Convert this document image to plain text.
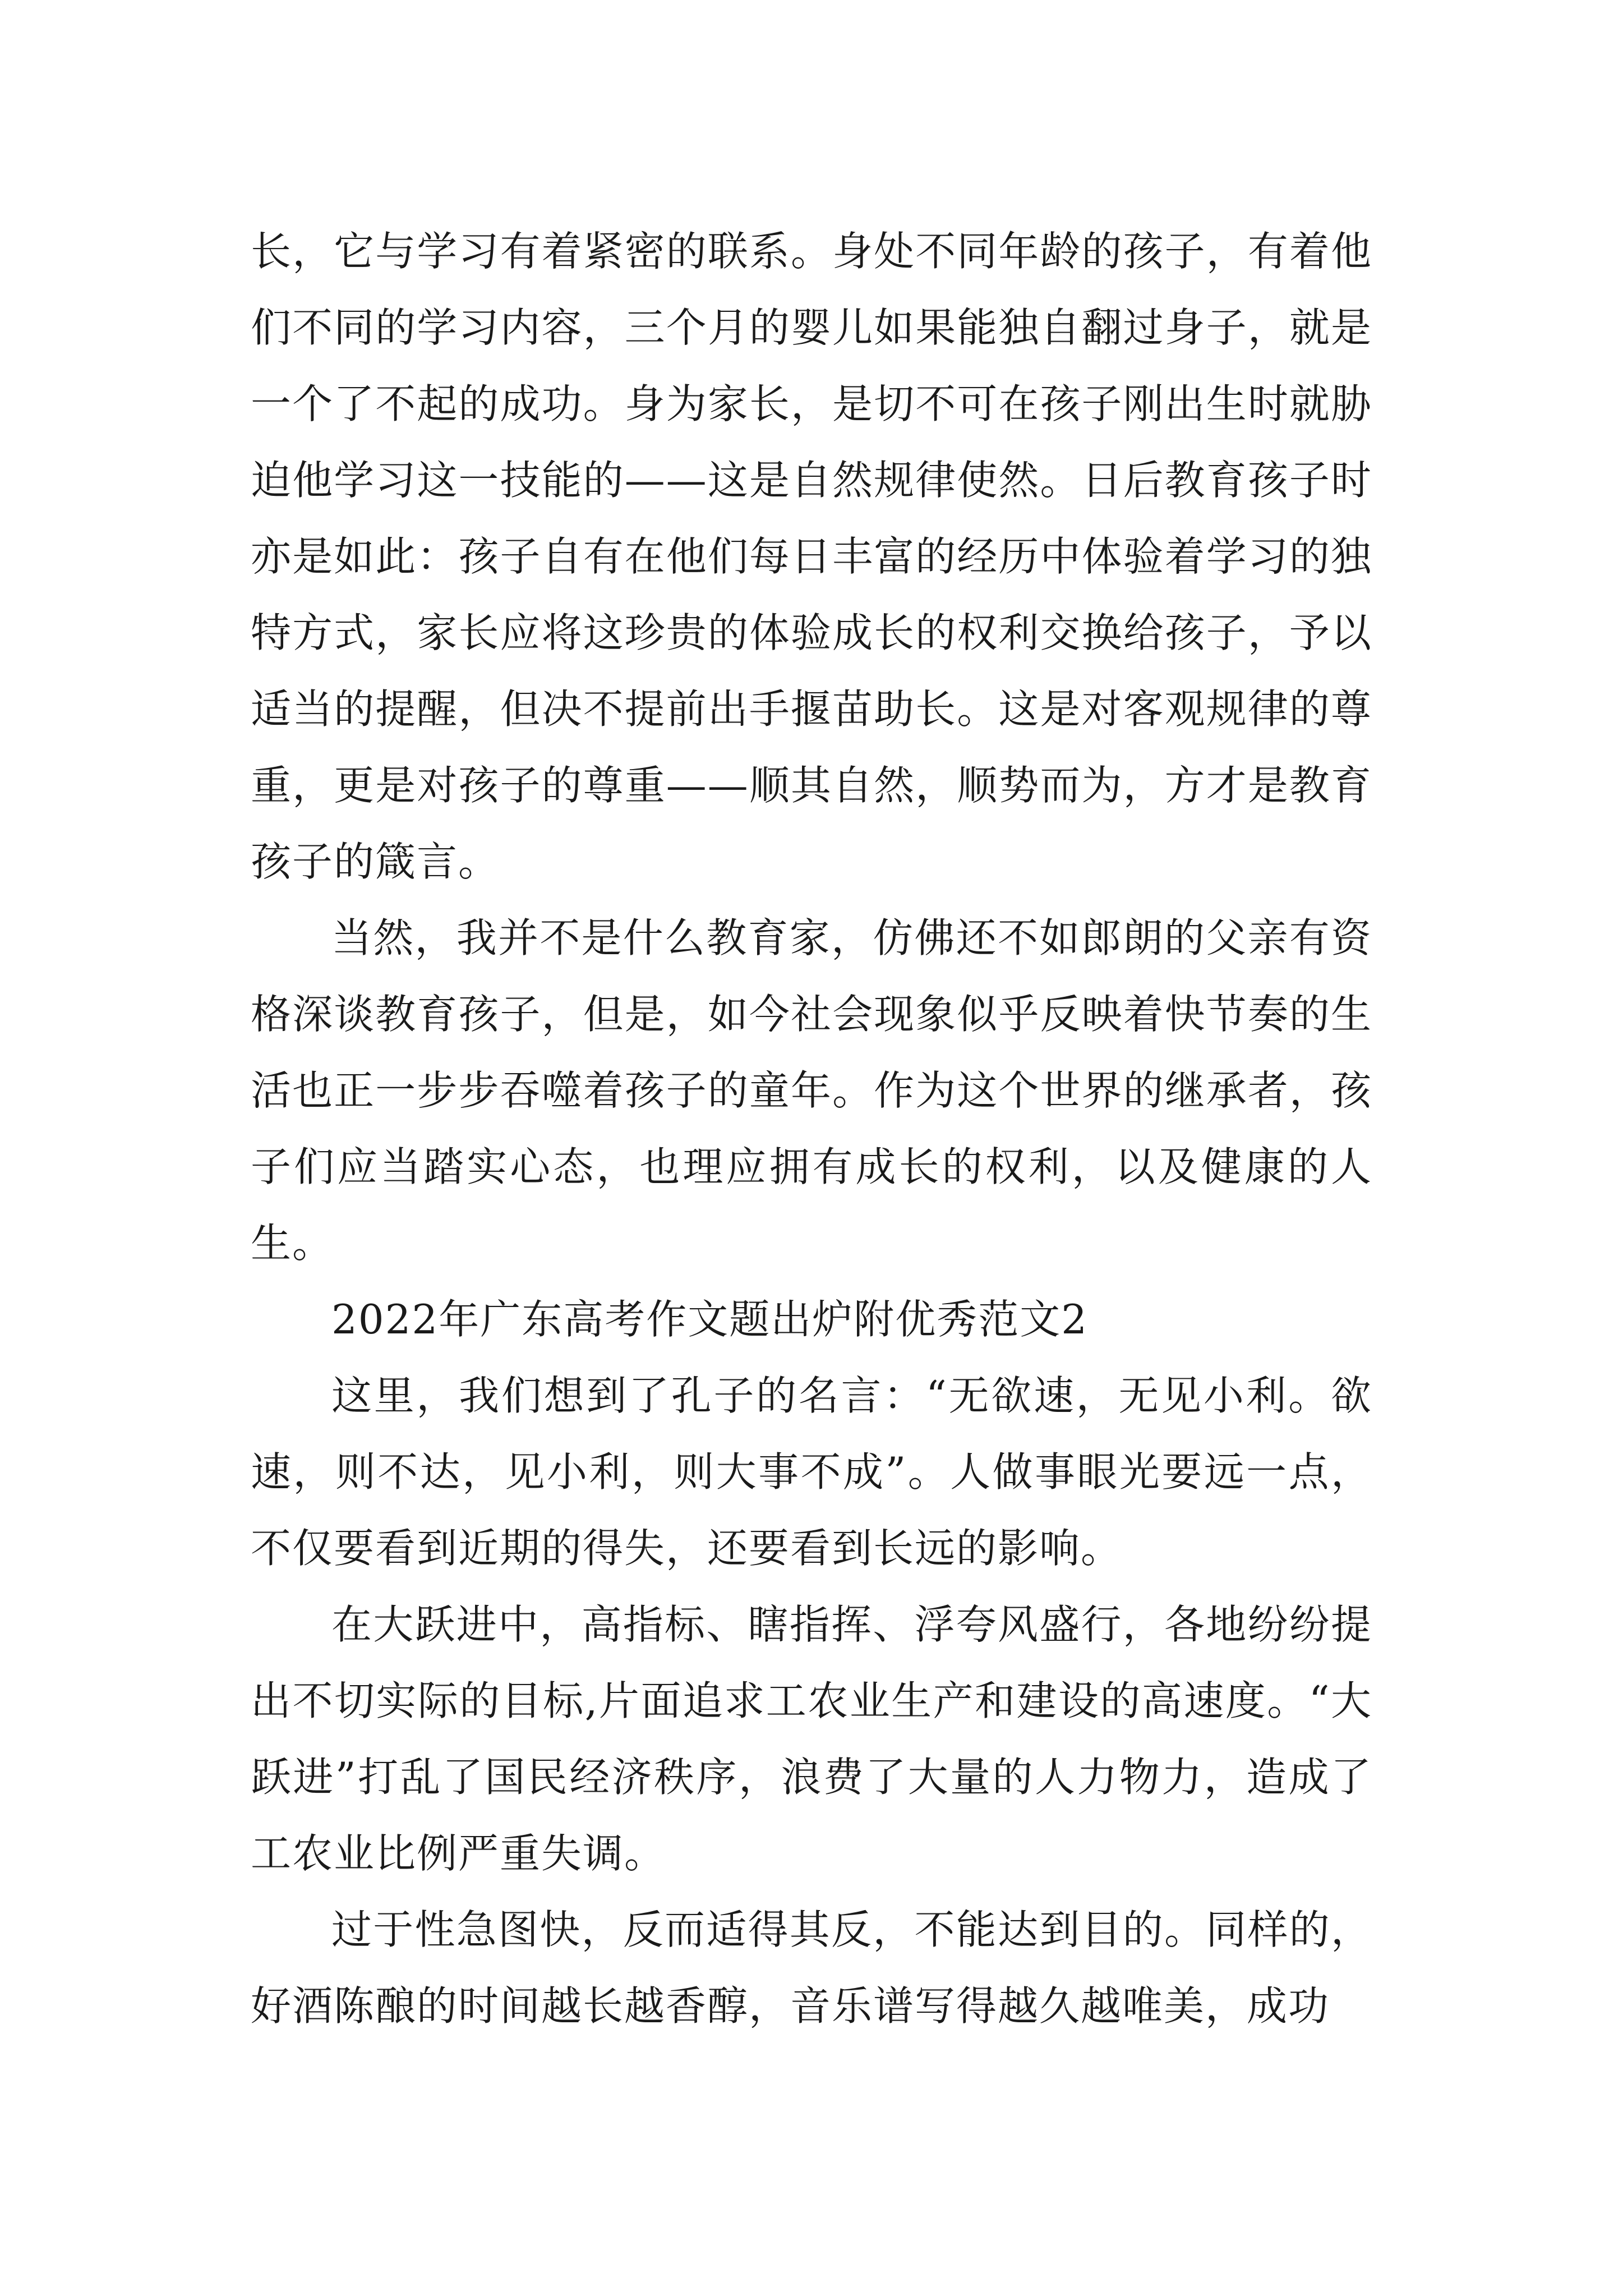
长，它与学习有着紧密的联系。身处不同年龄的孩子，有着他们不同的学习内容，三个月的婴儿如果能独自翻过身子，就是一个了不起的成功。身为家长，是切不可在孩子刚出生时就胁迫他学习这一技能的——这是自然规律使然。日后教育孩子时亦是如此：孩子自有在他们每日丰富的经历中体验着学习的独特方式，家长应将这珍贵的体验成长的权利交换给孩子，予以适当的提醒，但决不提前出手揠苗助长。这是对客观规律的尊重，更是对孩子的尊重——顺其自然，顺势而为，方才是教育孩子的箴言。

当然，我并不是什么教育家，仿佛还不如郎朗的父亲有资格深谈教育孩子，但是，如今社会现象似乎反映着快节奏的生活也正一步步吞噬着孩子的童年。作为这个世界的继承者，孩子们应当踏实心态，也理应拥有成长的权利，以及健康的人生。

2022年广东高考作文题出炉附优秀范文2

这里，我们想到了孔子的名言：“无欲速，无见小利。欲速，则不达，见小利，则大事不成”。人做事眼光要远一点，不仅要看到近期的得失，还要看到长远的影响。

在大跃进中，高指标、瞎指挥、浮夸风盛行，各地纷纷提出不切实际的目标,片面追求工农业生产和建设的高速度。“大跃进”打乱了国民经济秩序，浪费了大量的人力物力，造成了工农业比例严重失调。

过于性急图快，反而适得其反，不能达到目的。同样的，好酒陈酿的时间越长越香醇，音乐谱写得越久越唯美，成功
